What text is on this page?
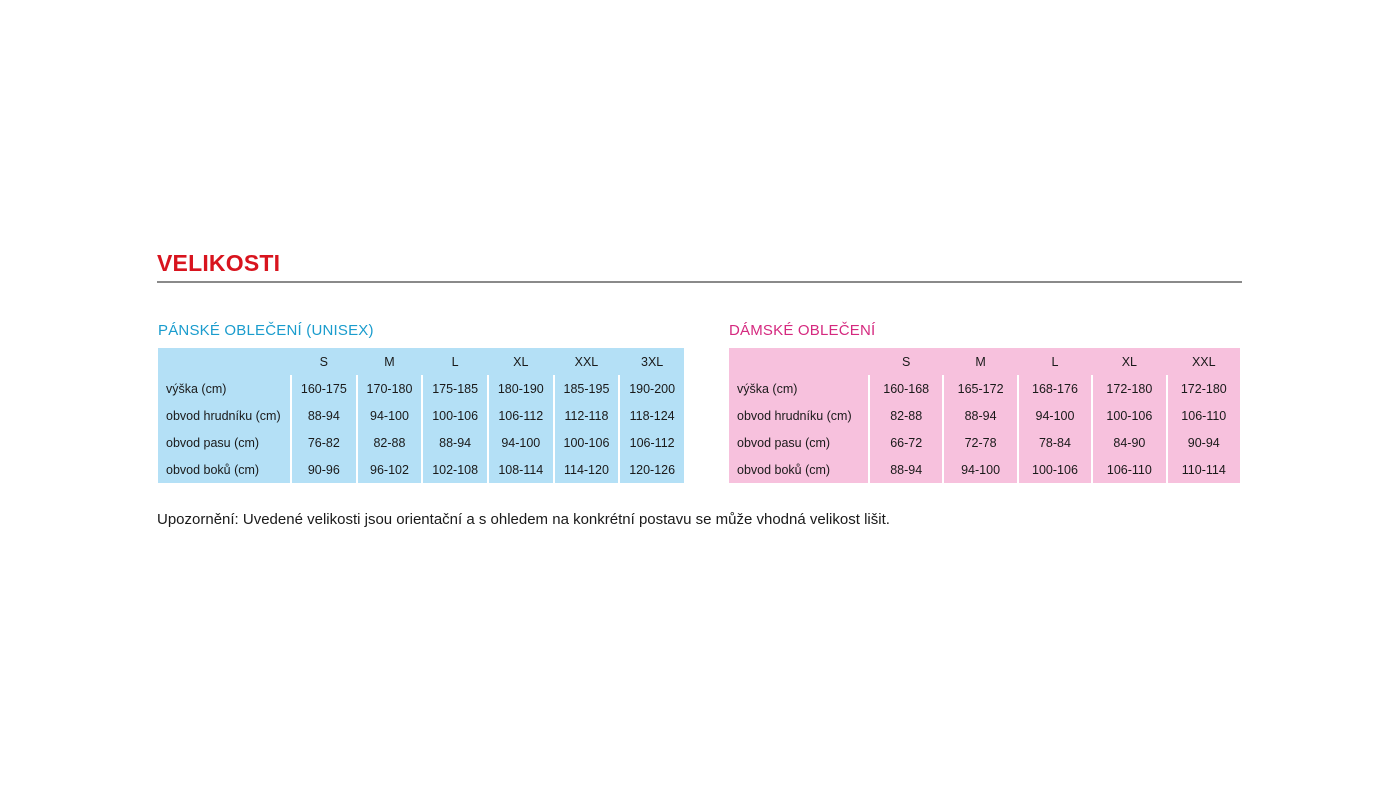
VELIKOSTI
PÁNSKÉ OBLEČENÍ (UNISEX)
	S	M	L	XL	XXL	3XL
výška (cm)	160-175	170-180	175-185	180-190	185-195	190-200
obvod hrudníku (cm)	88-94	94-100	100-106	106-112	112-118	118-124
obvod pasu (cm)	76-82	82-88	88-94	94-100	100-106	106-112
obvod boků (cm)	90-96	96-102	102-108	108-114	114-120	120-126
DÁMSKÉ OBLEČENÍ
	S	M	L	XL	XXL
výška (cm)	160-168	165-172	168-176	172-180	172-180
obvod hrudníku (cm)	82-88	88-94	94-100	100-106	106-110
obvod pasu (cm)	66-72	72-78	78-84	84-90	90-94
obvod boků (cm)	88-94	94-100	100-106	106-110	110-114

Upozornění: Uvedené velikosti jsou orientační a s ohledem na konkrétní postavu se může vhodná velikost lišit.
